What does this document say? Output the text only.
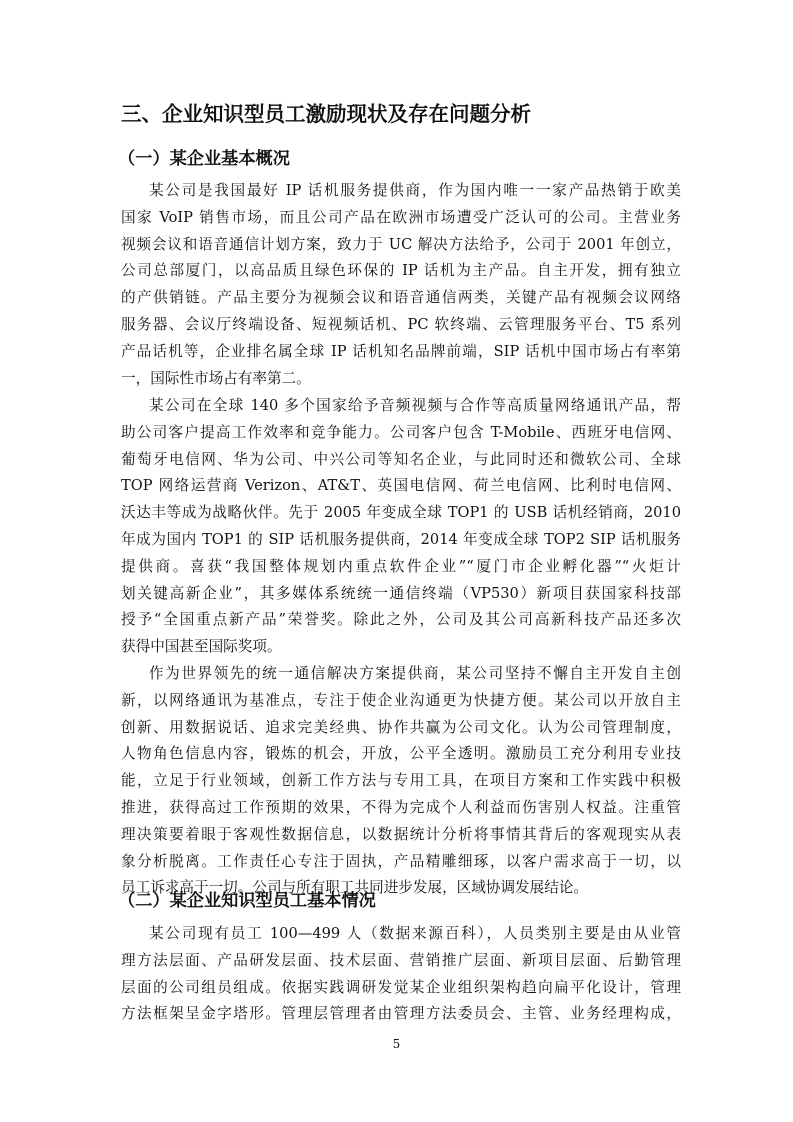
三、企业知识型员工激励现状及存在问题分析
（一）某企业基本概况
某公司是我国最好 IP 话机服务提供商，作为国内唯一一家产品热销于欧美
国家 VoIP 销售市场，而且公司产品在欧洲市场遭受广泛认可的公司。主营业务
视频会议和语音通信计划方案，致力于 UC 解决方法给予，公司于 2001 年创立，
公司总部厦门，以高品质且绿色环保的 IP 话机为主产品。自主开发，拥有独立
的产供销链。产品主要分为视频会议和语音通信两类，关键产品有视频会议网络
服务器、会议厅终端设备、短视频话机、PC 软终端、云管理服务平台、T5 系列
产品话机等，企业排名属全球 IP 话机知名品牌前端，SIP 话机中国市场占有率第
一，国际性市场占有率第二。
某公司在全球 140 多个国家给予音频视频与合作等高质量网络通讯产品，帮
助公司客户提高工作效率和竞争能力。公司客户包含 T-Mobile、西班牙电信网、
葡萄牙电信网、华为公司、中兴公司等知名企业，与此同时还和微软公司、全球
TOP 网络运营商 Verizon、AT&T、英国电信网、荷兰电信网、比利时电信网、
沃达丰等成为战略伙伴。先于 2005 年变成全球 TOP1 的 USB 话机经销商，2010
年成为国内 TOP1 的 SIP 话机服务提供商，2014 年变成全球 TOP2 SIP 话机服务
提供商。喜获“我国整体规划内重点软件企业”“厦门市企业孵化器”“火炬计
划关键高新企业”，其多媒体系统统一通信终端（VP530）新项目获国家科技部
授予“全国重点新产品”荣誉奖。除此之外，公司及其公司高新科技产品还多次
获得中国甚至国际奖项。
作为世界领先的统一通信解决方案提供商，某公司坚持不懈自主开发自主创
新，以网络通讯为基准点，专注于使企业沟通更为快捷方便。某公司以开放自主
创新、用数据说话、追求完美经典、协作共赢为公司文化。认为公司管理制度，
人物角色信息内容，锻炼的机会，开放，公平全透明。激励员工充分利用专业技
能，立足于行业领域，创新工作方法与专用工具，在项目方案和工作实践中积极
推进，获得高过工作预期的效果，不得为完成个人利益而伤害别人权益。注重管
理决策要着眼于客观性数据信息，以数据统计分析将事情其背后的客观现实从表
象分析脱离。工作责任心专注于固执，产品精雕细琢，以客户需求高于一切，以
员工诉求高于一切。公司与所有职工共同进步发展，区域协调发展结论。
（二）某企业知识型员工基本情况
某公司现有员工 100—499 人（数据来源百科），人员类别主要是由从业管
理方法层面、产品研发层面、技术层面、营销推广层面、新项目层面、后勤管理
层面的公司组员组成。依据实践调研发觉某企业组织架构趋向扁平化设计，管理
方法框架呈金字塔形。管理层管理者由管理方法委员会、主管、业务经理构成，
5
